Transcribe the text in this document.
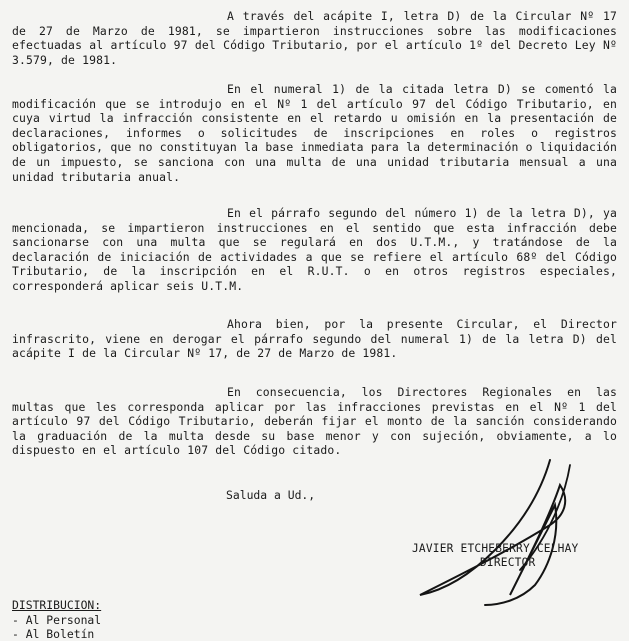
A través del acápite I, letra D) de la Circular Nº 17 de 27 de Marzo de 1981, se impartieron instrucciones sobre las modificaciones efectuadas al artículo 97 del Código Tributario, por el artículo 1º del Decreto Ley Nº 3.579, de 1981.
En el numeral 1) de la citada letra D) se comentó la modificación que se introdujo en el Nº 1 del artículo 97 del Código Tributario, en cuya virtud la infracción consistente en el retardo u omisión en la presentación de declaraciones, informes o solicitudes de inscripciones en roles o registros obligatorios, que no constituyan la base inmediata para la determinación o liquidación de un impuesto, se sanciona con una multa de una unidad tributaria mensual a una unidad tributaria anual.
En el párrafo segundo del número 1) de la letra D), ya mencionada, se impartieron instrucciones en el sentido que esta infracción debe sancionarse con una multa que se regulará en dos U.T.M., y tratándose de la declaración de iniciación de actividades a que se refiere el artículo 68º del Código Tributario, de la inscripción en el R.U.T. o en otros registros especiales, corresponderá aplicar seis U.T.M.
Ahora bien, por la presente Circular, el Director infrascrito, viene en derogar el párrafo segundo del numeral 1) de la letra D) del acápite I de la Circular Nº 17, de 27 de Marzo de 1981.
En consecuencia, los Directores Regionales en las multas que les corresponda aplicar por las infracciones previstas en el Nº 1 del artículo 97 del Código Tributario, deberán fijar el monto de la sanción considerando la graduación de la multa desde su base menor y con sujeción, obviamente, a lo dispuesto en el artículo 107 del Código citado.
Saluda a Ud.,
JAVIER ETCHEBERRY CELHAY
DIRECTOR
DISTRIBUCION:
- Al Personal
- Al Boletín
